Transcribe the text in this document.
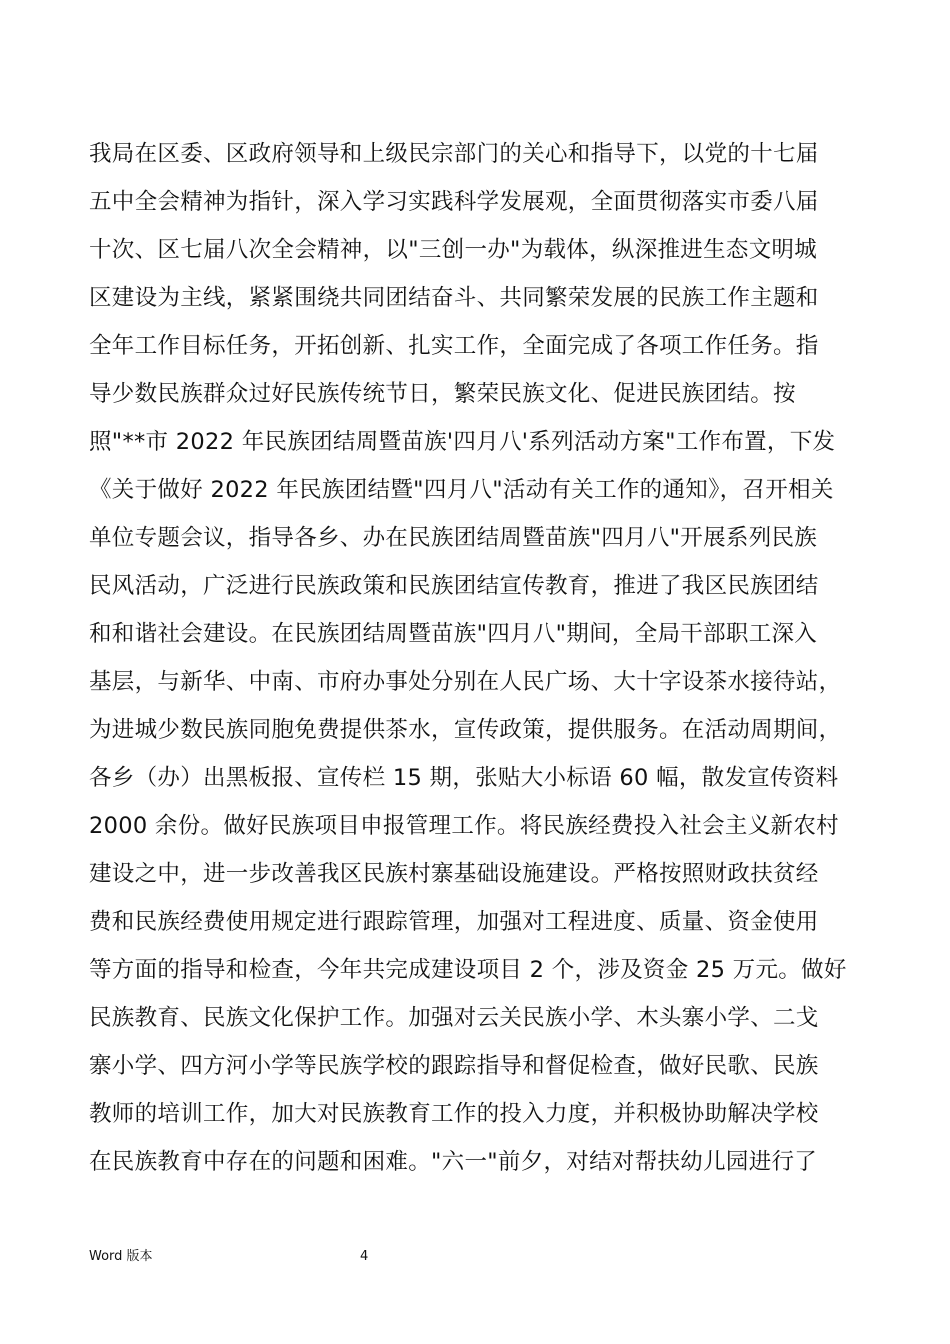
我局在区委、区政府领导和上级民宗部门的关心和指导下，以党的十七届
五中全会精神为指针，深入学习实践科学发展观，全面贯彻落实市委八届
十次、区七届八次全会精神，以"三创一办"为载体，纵深推进生态文明城
区建设为主线，紧紧围绕共同团结奋斗、共同繁荣发展的民族工作主题和
全年工作目标任务，开拓创新、扎实工作，全面完成了各项工作任务。指
导少数民族群众过好民族传统节日，繁荣民族文化、促进民族团结。按
照"**市 2022 年民族团结周暨苗族'四月八'系列活动方案"工作布置，下发
《关于做好 2022 年民族团结暨"四月八"活动有关工作的通知》，召开相关
单位专题会议，指导各乡、办在民族团结周暨苗族"四月八"开展系列民族
民风活动，广泛进行民族政策和民族团结宣传教育，推进了我区民族团结
和和谐社会建设。在民族团结周暨苗族"四月八"期间，全局干部职工深入
基层，与新华、中南、市府办事处分别在人民广场、大十字设茶水接待站，
为进城少数民族同胞免费提供茶水，宣传政策，提供服务。在活动周期间，
各乡（办）出黑板报、宣传栏 15 期，张贴大小标语 60 幅，散发宣传资料
2000 余份。做好民族项目申报管理工作。将民族经费投入社会主义新农村
建设之中，进一步改善我区民族村寨基础设施建设。严格按照财政扶贫经
费和民族经费使用规定进行跟踪管理，加强对工程进度、质量、资金使用
等方面的指导和检查，今年共完成建设项目 2 个，涉及资金 25 万元。做好
民族教育、民族文化保护工作。加强对云关民族小学、木头寨小学、二戈
寨小学、四方河小学等民族学校的跟踪指导和督促检查，做好民歌、民族
教师的培训工作，加大对民族教育工作的投入力度，并积极协助解决学校
在民族教育中存在的问题和困难。"六一"前夕，对结对帮扶幼儿园进行了
Word 版本	4
